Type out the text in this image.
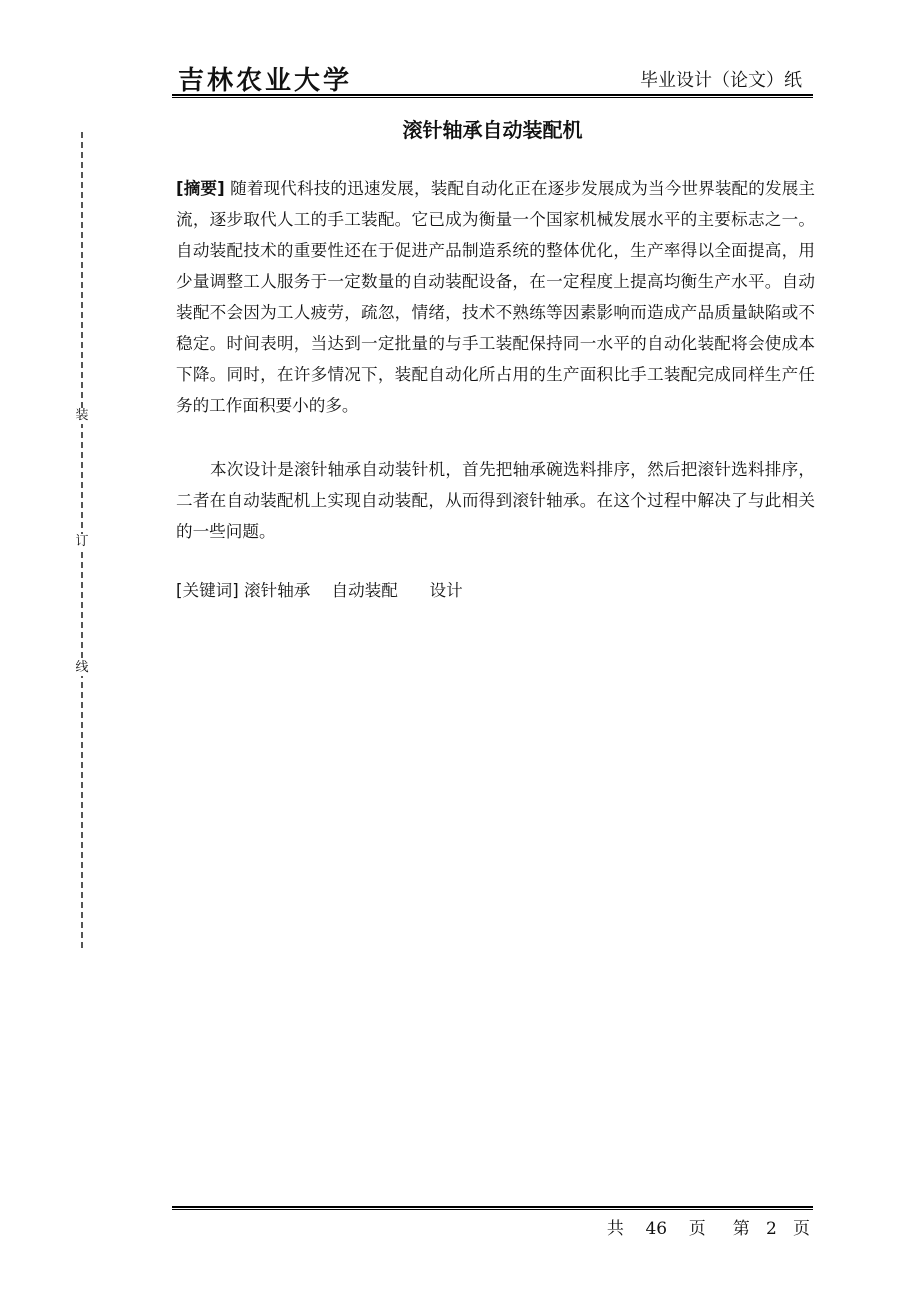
吉林农业大学	毕业设计（论文）纸
装
订
线
滚针轴承自动装配机

[摘要] 随着现代科技的迅速发展，装配自动化正在逐步发展成为当今世界装配的发展主流，逐步取代人工的手工装配。它已成为衡量一个国家机械发展水平的主要标志之一。自动装配技术的重要性还在于促进产品制造系统的整体优化，生产率得以全面提高，用少量调整工人服务于一定数量的自动装配设备，在一定程度上提高均衡生产水平。自动装配不会因为工人疲劳，疏忽，情绪，技术不熟练等因素影响而造成产品质量缺陷或不稳定。时间表明，当达到一定批量的与手工装配保持同一水平的自动化装配将会使成本下降。同时，在许多情况下，装配自动化所占用的生产面积比手工装配完成同样生产任务的工作面积要小的多。

本次设计是滚针轴承自动装针机，首先把轴承碗选料排序，然后把滚针选料排序，二者在自动装配机上实现自动装配，从而得到滚针轴承。在这个过程中解决了与此相关的一些问题。

[关键词] 滚针轴承 自动装配 设计
共 46 页 第 2 页
